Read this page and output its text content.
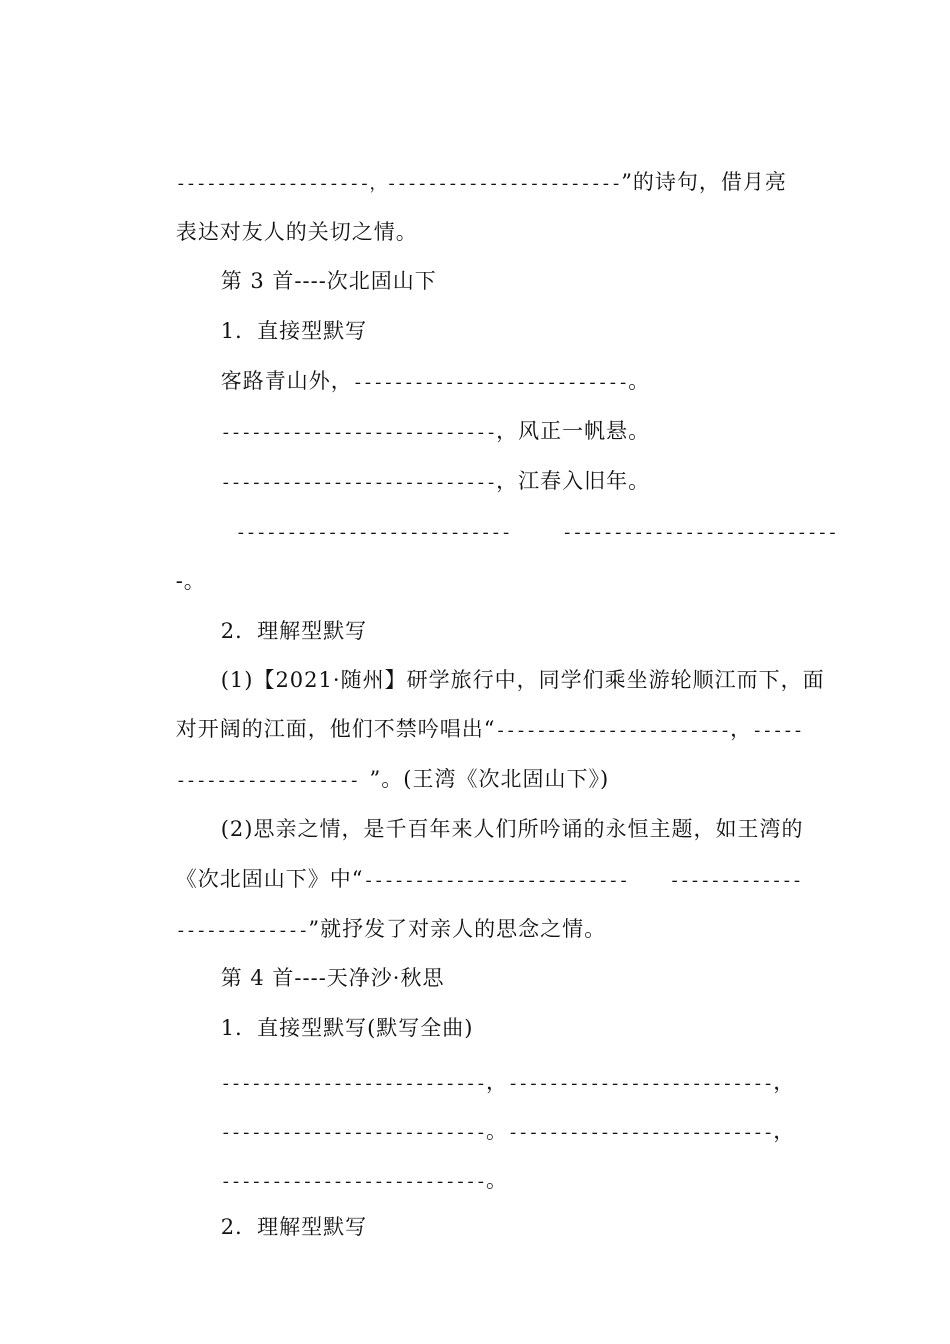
-------------------，-----------------------”的诗句，借月亮

表达对友人的关切之情。

第 3 首----次北固山下

1．直接型默写

客路青山外，---------------------------。

---------------------------，风正一帆悬。

---------------------------，江春入旧年。

---------------------------     ---------------------------

-。

2．理解型默写

(1)【2021·随州】研学旅行中，同学们乘坐游轮顺江而下，面

对开阔的江面，他们不禁吟唱出“-----------------------，-----

------------------ ”。(王湾《次北固山下》)

(2)思亲之情，是千百年来人们所吟诵的永恒主题，如王湾的

《次北固山下》中“--------------------------    -------------

-------------”就抒发了对亲人的思念之情。

第 4 首----天净沙·秋思

1．直接型默写(默写全曲)

--------------------------，--------------------------，

--------------------------。--------------------------，

--------------------------。

2．理解型默写
